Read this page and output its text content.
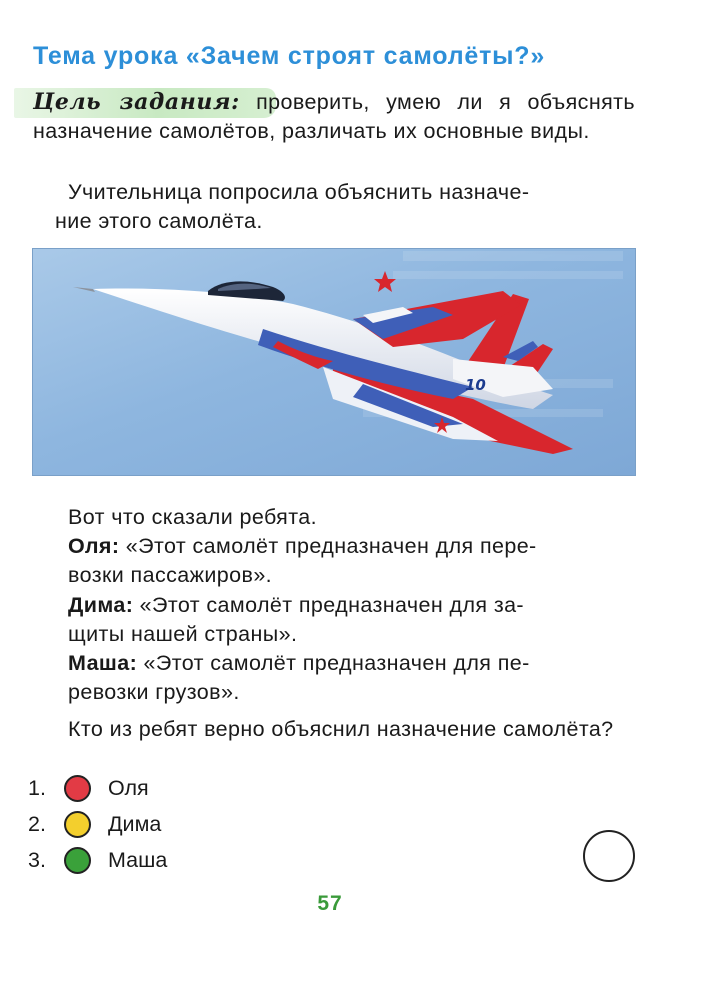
Тема урока «Зачем строят самолёты?»
Цель задания: проверить, умею ли я объяснять назначение самолётов, различать их основные виды.
Учительница попросила объяснить назначе-
ние этого самолёта.
10
Вот что сказали ребята.
Оля: «Этот самолёт предназначен для пере-
возки пассажиров».
Дима: «Этот самолёт предназначен для за-
щиты нашей страны».
Маша: «Этот самолёт предназначен для пе-
ревозки грузов».
Кто из ребят верно объяснил назначение самолёта?
1.	Оля
2.	Дима
3.	Маша
57
